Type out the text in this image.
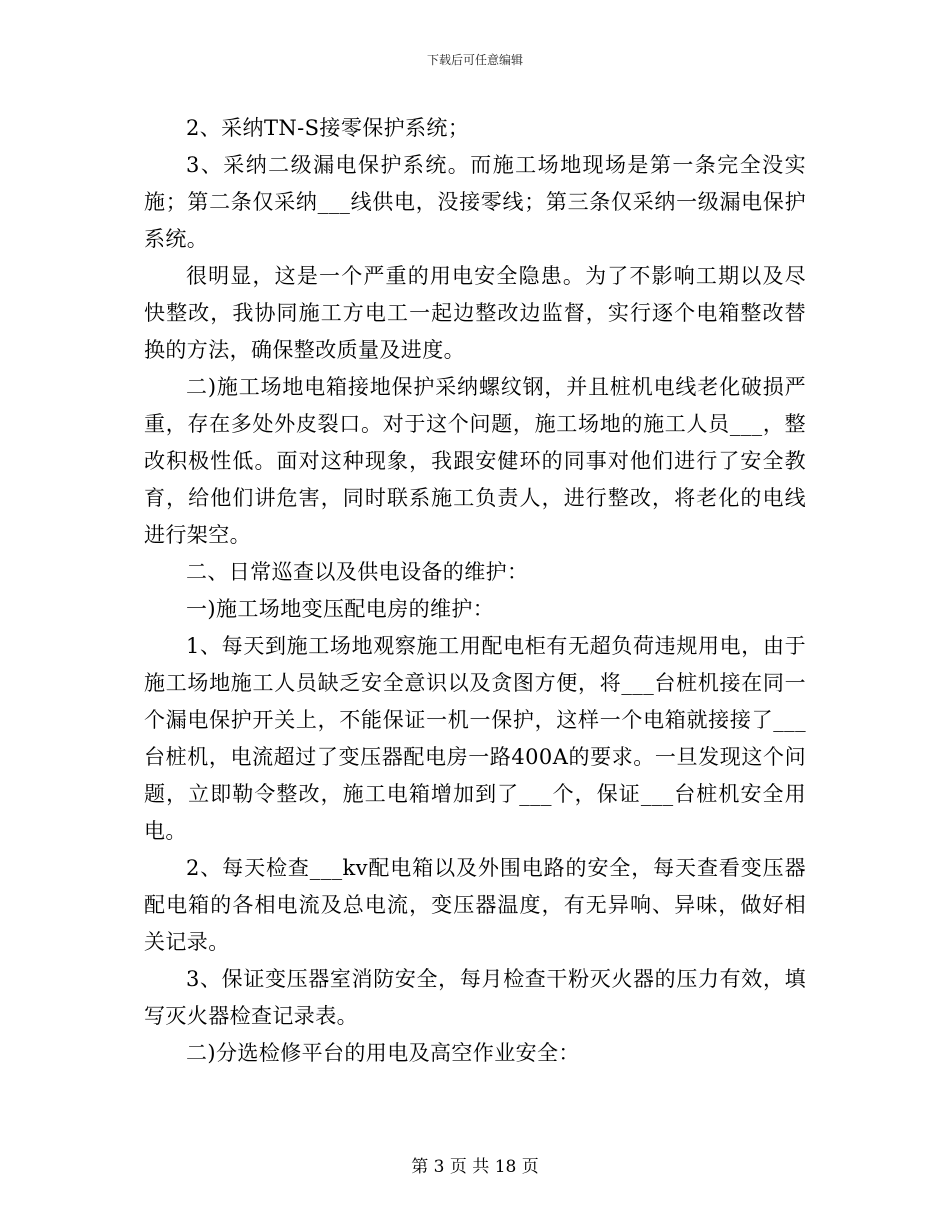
下载后可任意编辑

2、采纳TN-S接零保护系统；

3、采纳二级漏电保护系统。而施工场地现场是第一条完全没实施；第二条仅采纳___线供电，没接零线；第三条仅采纳一级漏电保护系统。

很明显，这是一个严重的用电安全隐患。为了不影响工期以及尽快整改，我协同施工方电工一起边整改边监督，实行逐个电箱整改替换的方法，确保整改质量及进度。

二)施工场地电箱接地保护采纳螺纹钢，并且桩机电线老化破损严重，存在多处外皮裂口。对于这个问题，施工场地的施工人员___，整改积极性低。面对这种现象，我跟安健环的同事对他们进行了安全教育，给他们讲危害，同时联系施工负责人，进行整改，将老化的电线进行架空。

二、日常巡查以及供电设备的维护：

一)施工场地变压配电房的维护：

1、每天到施工场地观察施工用配电柜有无超负荷违规用电，由于施工场地施工人员缺乏安全意识以及贪图方便，将___台桩机接在同一个漏电保护开关上，不能保证一机一保护，这样一个电箱就接接了___台桩机，电流超过了变压器配电房一路400A的要求。一旦发现这个问题，立即勒令整改，施工电箱增加到了___个，保证___台桩机安全用电。

2、每天检查___kv配电箱以及外围电路的安全，每天查看变压器配电箱的各相电流及总电流，变压器温度，有无异响、异味，做好相关记录。

3、保证变压器室消防安全，每月检查干粉灭火器的压力有效，填写灭火器检查记录表。

二)分选检修平台的用电及高空作业安全：

第 3 页 共 18 页
